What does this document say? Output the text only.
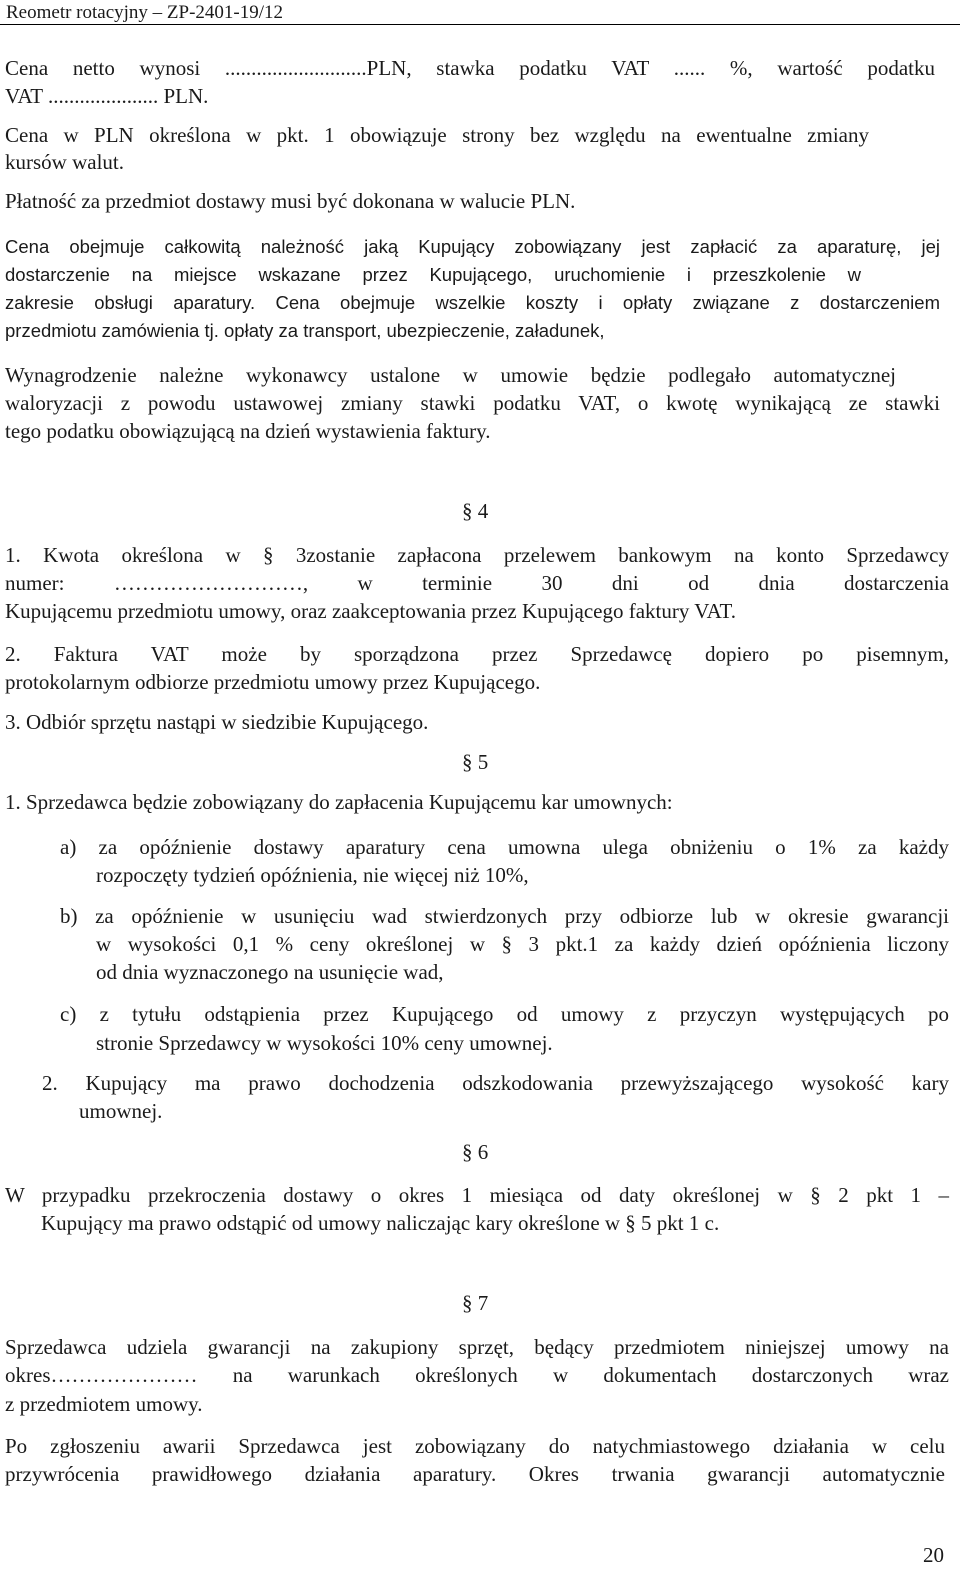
Reometr rotacyjny – ZP-2401-19/12
Cena netto wynosi ...........................PLN, stawka podatku VAT ...... %, wartość podatku
VAT ..................... PLN.
Cena w PLN określona w pkt. 1 obowiązuje strony bez względu na ewentualne zmiany
kursów walut.
Płatność za przedmiot dostawy musi być dokonana w walucie PLN.
Cena obejmuje całkowitą należność jaką Kupujący zobowiązany jest zapłacić za aparaturę, jej
dostarczenie na miejsce wskazane przez Kupującego, uruchomienie i przeszkolenie w
zakresie obsługi aparatury. Cena obejmuje wszelkie koszty i opłaty związane z dostarczeniem
przedmiotu zamówienia tj. opłaty za transport, ubezpieczenie, załadunek,
Wynagrodzenie należne wykonawcy ustalone w umowie będzie podlegało automatycznej
waloryzacji z powodu ustawowej zmiany stawki podatku VAT, o kwotę wynikającą ze stawki
tego podatku obowiązującą na dzień wystawienia faktury.
§ 4
1. Kwota określona w § 3zostanie zapłacona przelewem bankowym na konto Sprzedawcy
numer: ………………………, w terminie 30 dni od dnia dostarczenia
Kupującemu przedmiotu umowy, oraz zaakceptowania przez Kupującego faktury VAT.
2. Faktura VAT może by sporządzona przez Sprzedawcę dopiero po pisemnym,
protokolarnym odbiorze przedmiotu umowy przez Kupującego.
3. Odbiór sprzętu nastąpi w siedzibie Kupującego.
§ 5
1. Sprzedawca będzie zobowiązany do zapłacenia Kupującemu kar umownych:
a) za opóźnienie dostawy aparatury cena umowna ulega obniżeniu o 1% za każdy
rozpoczęty tydzień opóźnienia, nie więcej niż 10%,
b) za opóźnienie w usunięciu wad stwierdzonych przy odbiorze lub w okresie gwarancji
w wysokości 0,1 % ceny określonej w § 3 pkt.1 za każdy dzień opóźnienia liczony
od dnia wyznaczonego na usunięcie wad,
c) z tytułu odstąpienia przez Kupującego od umowy z przyczyn występujących po
stronie Sprzedawcy w wysokości 10% ceny umownej.
2. Kupujący ma prawo dochodzenia odszkodowania przewyższającego wysokość kary
umownej.
§ 6
W przypadku przekroczenia dostawy o okres 1 miesiąca od daty określonej w § 2 pkt 1 –
Kupujący ma prawo odstąpić od umowy naliczając kary określone w § 5 pkt 1 c.
§ 7
Sprzedawca udziela gwarancji na zakupiony sprzęt, będący przedmiotem niniejszej umowy na
okres………………… na warunkach określonych w dokumentach dostarczonych wraz
z przedmiotem umowy.
Po zgłoszeniu awarii Sprzedawca jest zobowiązany do natychmiastowego działania w celu
przywrócenia prawidłowego działania aparatury. Okres trwania gwarancji automatycznie
20
